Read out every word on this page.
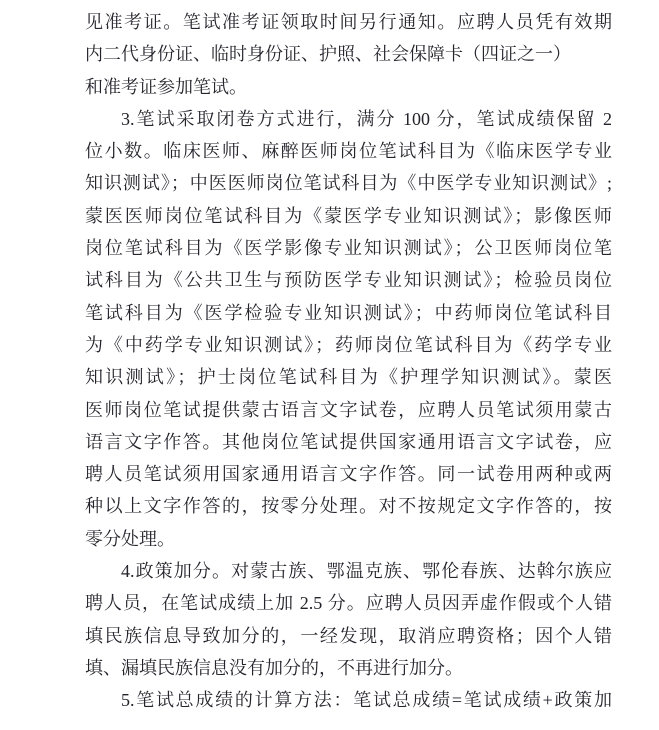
见准考证。笔试准考证领取时间另行通知。应聘人员凭有效期
内二代身份证、临时身份证、护照、社会保障卡（四证之一）
和准考证参加笔试。
3.笔试采取闭卷方式进行，满分 100 分，笔试成绩保留 2
位小数。临床医师、麻醉医师岗位笔试科目为《临床医学专业
知识测试》；中医医师岗位笔试科目为《中医学专业知识测试》;
蒙医医师岗位笔试科目为《蒙医学专业知识测试》；影像医师
岗位笔试科目为《医学影像专业知识测试》；公卫医师岗位笔
试科目为《公共卫生与预防医学专业知识测试》；检验员岗位
笔试科目为《医学检验专业知识测试》；中药师岗位笔试科目
为《中药学专业知识测试》；药师岗位笔试科目为《药学专业
知识测试》；护士岗位笔试科目为《护理学知识测试》。蒙医
医师岗位笔试提供蒙古语言文字试卷，应聘人员笔试须用蒙古
语言文字作答。其他岗位笔试提供国家通用语言文字试卷，应
聘人员笔试须用国家通用语言文字作答。同一试卷用两种或两
种以上文字作答的，按零分处理。对不按规定文字作答的，按
零分处理。
4.政策加分。对蒙古族、鄂温克族、鄂伦春族、达斡尔族应
聘人员，在笔试成绩上加 2.5 分。应聘人员因弄虚作假或个人错
填民族信息导致加分的，一经发现，取消应聘资格；因个人错
填、漏填民族信息没有加分的，不再进行加分。
5.笔试总成绩的计算方法：笔试总成绩=笔试成绩+政策加
